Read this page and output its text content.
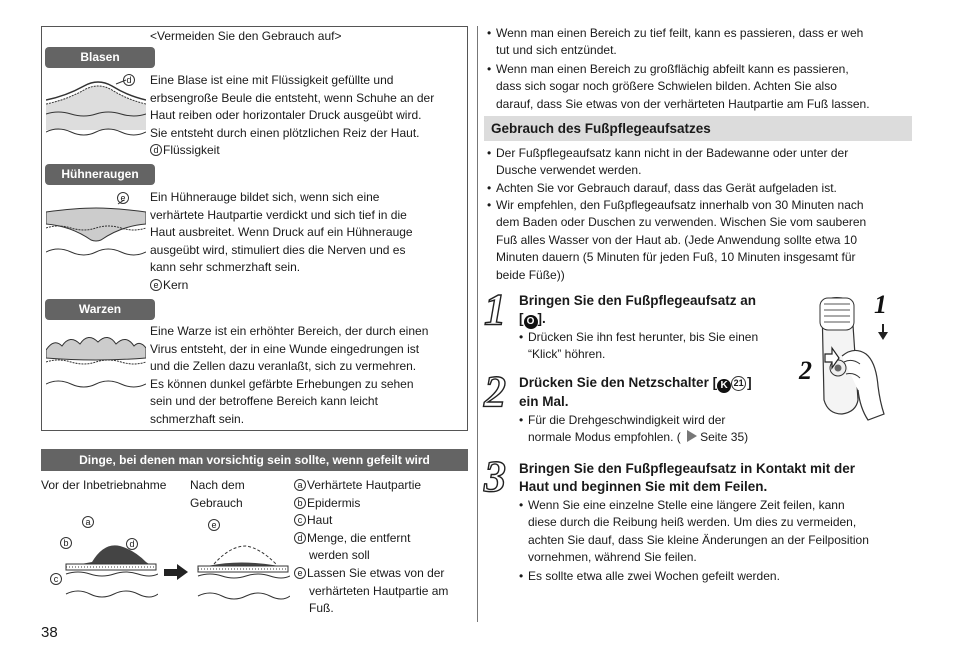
<Vermeiden Sie den Gebrauch auf>
Blasen
d Eine Blase ist eine mit Flüssigkeit gefüllte und
erbsengroße Beule die entsteht, wenn Schuhe an der
Haut reiben oder horizontaler Druck ausgeübt wird.
Sie entsteht durch einen plötzlichen Reiz der Haut.
d Flüssigkeit
Hühneraugen
e Ein Hühnerauge bildet sich, wenn sich eine
verhärtete Hautpartie verdickt und sich tief in die
Haut ausbreitet. Wenn Druck auf ein Hühnerauge
ausgeübt wird, stimuliert dies die Nerven und es
kann sehr schmerzhaft sein.
e Kern
Warzen
Eine Warze ist ein erhöhter Bereich, der durch einen
Virus entsteht, der in eine Wunde eingedrungen ist
und die Zellen dazu veranlaßt, sich zu vermehren.
Es können dunkel gefärbte Erhebungen zu sehen
sein und der betroffene Bereich kann leicht
schmerzhaft sein.
Dinge, bei denen man vorsichtig sein sollte, wenn gefeilt wird
Vor der Inbetriebnahme Nach dem
Gebrauch
a
b	d
c
e
a Verhärtete Hautpartie
b Epidermis
c Haut
d Menge, die entfernt
werden soll
e Lassen Sie etwas von der
verhärteten Hautpartie am
Fuß.
38
• Wenn man einen Bereich zu tief feilt, kann es passieren, dass er weh
tut und sich entzündet.
• Wenn man einen Bereich zu großflächig abfeilt kann es passieren,
dass sich sogar noch größere Schwielen bilden. Achten Sie also
darauf, dass Sie etwas von der verhärteten Hautpartie am Fuß lassen.
Gebrauch des Fußpflegeaufsatzes
• Der Fußpflegeaufsatz kann nicht in der Badewanne oder unter der
Dusche verwendet werden.
• Achten Sie vor Gebrauch darauf, dass das Gerät aufgeladen ist.
• Wir empfehlen, den Fußpflegeaufsatz innerhalb von 30 Minuten nach
dem Baden oder Duschen zu verwenden. Wischen Sie vom sauberen
Fuß alles Wasser von der Haut ab. (Jede Anwendung sollte etwa 10
Minuten dauern (5 Minuten für jeden Fuß, 10 Minuten insgesamt für
beide Füße))
1 Bringen Sie den Fußpflegeaufsatz an
[ O ].
• Drücken Sie ihn fest herunter, bis Sie einen
“Klick” höhren.
1
2
2 Drücken Sie den Netzschalter [ K 21 ]
ein Mal.
• Für die Drehgeschwindigkeit wird der
normale Modus empfohlen. ( Seite 35)
3 Bringen Sie den Fußpflegeaufsatz in Kontakt mit der
Haut und beginnen Sie mit dem Feilen.
• Wenn Sie eine einzelne Stelle eine längere Zeit feilen, kann
diese durch die Reibung heiß werden. Um dies zu vermeiden,
achten Sie dauf, dass Sie kleine Änderungen an der Feilposition
vornehmen, während Sie feilen.
• Es sollte etwa alle zwei Wochen gefeilt werden.
